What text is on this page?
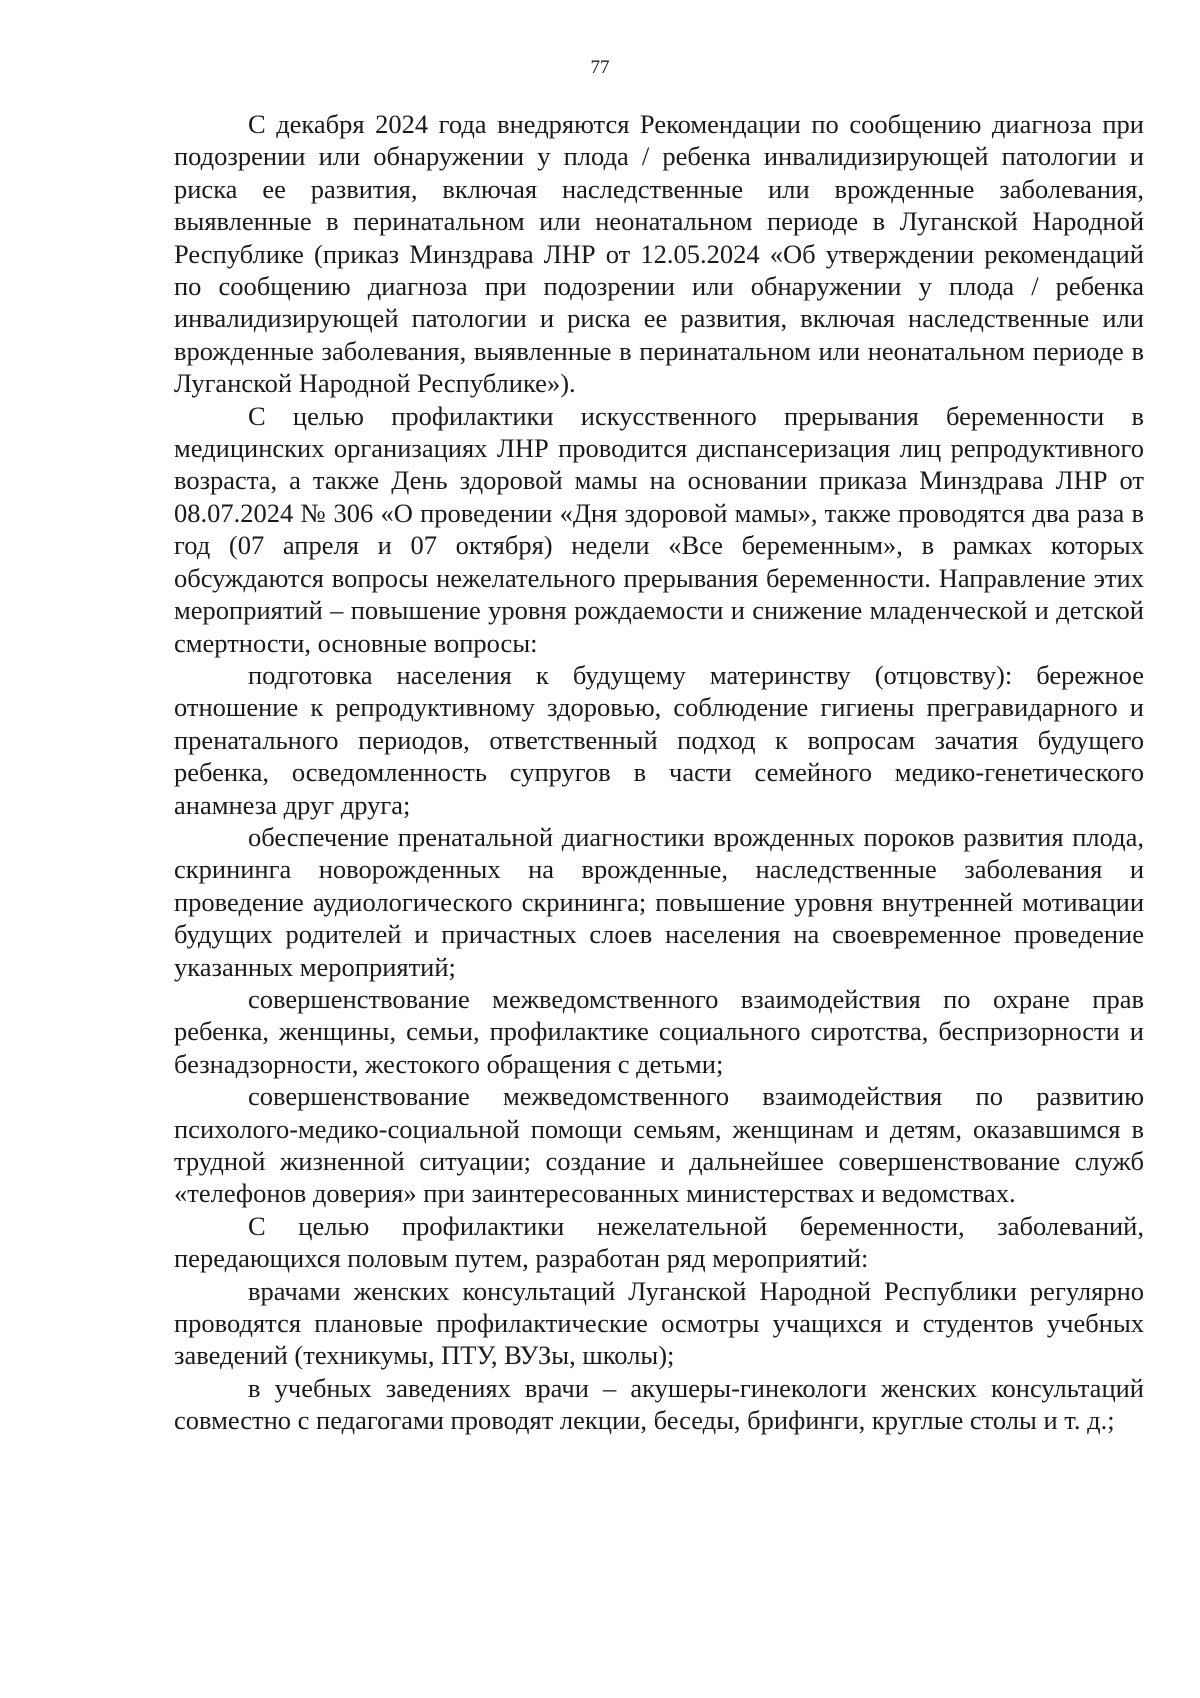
77

С декабря 2024 года внедряются Рекомендации по сообщению диагноза при подозрении или обнаружении у плода / ребенка инвалидизирующей патологии и риска ее развития, включая наследственные или врожденные заболевания, выявленные в перинатальном или неонатальном периоде в Луганской Народной Республике (приказ Минздрава ЛНР от 12.05.2024 «Об утверждении рекомендаций по сообщению диагноза при подозрении или обнаружении у плода / ребенка инвалидизирующей патологии и риска ее развития, включая наследственные или врожденные заболевания, выявленные в перинатальном или неонатальном периоде в Луганской Народной Республике»).

С целью профилактики искусственного прерывания беременности в медицинских организациях ЛНР проводится диспансеризация лиц репродуктивного возраста, а также День здоровой мамы на основании приказа Минздрава ЛНР от 08.07.2024 № 306 «О проведении «Дня здоровой мамы», также проводятся два раза в год (07 апреля и 07 октября) недели «Все беременным», в рамках которых обсуждаются вопросы нежелательного прерывания беременности. Направление этих мероприятий – повышение уровня рождаемости и снижение младенческой и детской смертности, основные вопросы:

подготовка населения к будущему материнству (отцовству): бережное отношение к репродуктивному здоровью, соблюдение гигиены прегравидарного и пренатального периодов, ответственный подход к вопросам зачатия будущего ребенка, осведомленность супругов в части семейного медико-генетического анамнеза друг друга;

обеспечение пренатальной диагностики врожденных пороков развития плода, скрининга новорожденных на врожденные, наследственные заболевания и проведение аудиологического скрининга; повышение уровня внутренней мотивации будущих родителей и причастных слоев населения на своевременное проведение указанных мероприятий;

совершенствование межведомственного взаимодействия по охране прав ребенка, женщины, семьи, профилактике социального сиротства, беспризорности и безнадзорности, жестокого обращения с детьми;

совершенствование межведомственного взаимодействия по развитию психолого-медико-социальной помощи семьям, женщинам и детям, оказавшимся в трудной жизненной ситуации; создание и дальнейшее совершенствование служб «телефонов доверия» при заинтересованных министерствах и ведомствах.

С целью профилактики нежелательной беременности, заболеваний, передающихся половым путем, разработан ряд мероприятий:

врачами женских консультаций Луганской Народной Республики регулярно проводятся плановые профилактические осмотры учащихся и студентов учебных заведений (техникумы, ПТУ, ВУЗы, школы);

в учебных заведениях врачи – акушеры-гинекологи женских консультаций совместно с педагогами проводят лекции, беседы, брифинги, круглые столы и т. д.;
